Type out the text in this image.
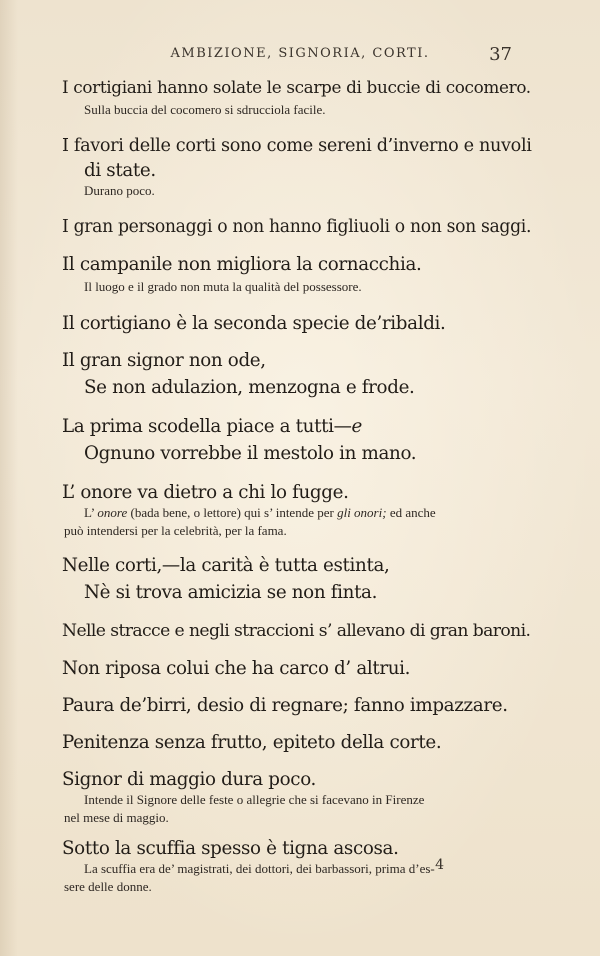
AMBIZIONE, SIGNORIA, CORTI.	37

I cortigiani hanno solate le scarpe di buccie di cocomero.

Sulla buccia del cocomero si sdrucciola facile.

I favori delle corti sono come sereni d’inverno e nuvoli

di state.

Durano poco.

I gran personaggi o non hanno figliuoli o non son saggi.

Il campanile non migliora la cornacchia.

Il luogo e il grado non muta la qualità del possessore.

Il cortigiano è la seconda specie de’ribaldi.

Il gran signor non ode,

Se non adulazion, menzogna e frode.

La prima scodella piace a tutti—e

Ognuno vorrebbe il mestolo in mano.

L’ onore va dietro a chi lo fugge.

L’ onore (bada bene, o lettore) qui s’ intende per gli onori; ed anche

può intendersi per la celebrità, per la fama.

Nelle corti,—la carità è tutta estinta,

Nè si trova amicizia se non finta.

Nelle stracce e negli straccioni s’ allevano di gran baroni.

Non riposa colui che ha carco d’ altrui.

Paura de’birri, desio di regnare; fanno impazzare.

Penitenza senza frutto, epiteto della corte.

Signor di maggio dura poco.

Intende il Signore delle feste o allegrie che si facevano in Firenze

nel mese di maggio.

Sotto la scuffia spesso è tigna ascosa.

La scuffia era de’ magistrati, dei dottori, dei barbassori, prima d’es-

sere delle donne.

4
